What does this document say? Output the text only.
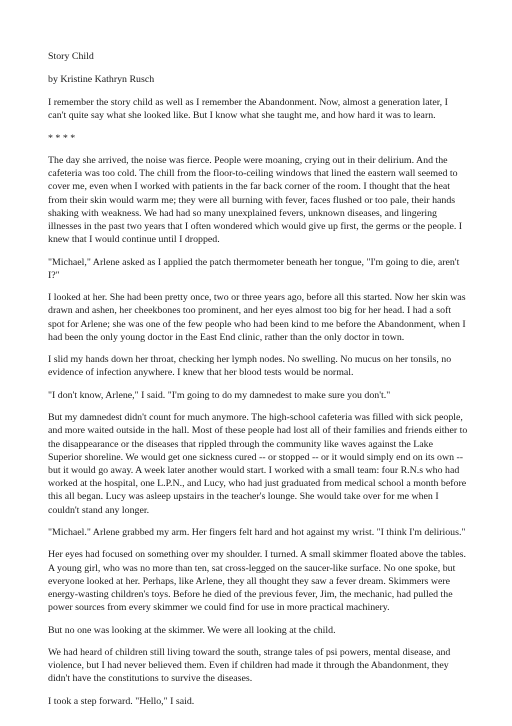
Story Child

by Kristine Kathryn Rusch

I remember the story child as well as I remember the Abandonment. Now, almost a generation later, I can't quite say what she looked like. But I know what she taught me, and how hard it was to learn.

* * * *

The day she arrived, the noise was fierce. People were moaning, crying out in their delirium. And the cafeteria was too cold. The chill from the floor-to-ceiling windows that lined the eastern wall seemed to cover me, even when I worked with patients in the far back corner of the room. I thought that the heat from their skin would warm me; they were all burning with fever, faces flushed or too pale, their hands shaking with weakness. We had had so many unexplained fevers, unknown diseases, and lingering illnesses in the past two years that I often wondered which would give up first, the germs or the people. I knew that I would continue until I dropped.

"Michael," Arlene asked as I applied the patch thermometer beneath her tongue, "I'm going to die, aren't I?"

I looked at her. She had been pretty once, two or three years ago, before all this started. Now her skin was drawn and ashen, her cheekbones too prominent, and her eyes almost too big for her head. I had a soft spot for Arlene; she was one of the few people who had been kind to me before the Abandonment, when I had been the only young doctor in the East End clinic, rather than the only doctor in town.

I slid my hands down her throat, checking her lymph nodes. No swelling. No mucus on her tonsils, no evidence of infection anywhere. I knew that her blood tests would be normal.

"I don't know, Arlene," I said. "I'm going to do my damnedest to make sure you don't."

But my damnedest didn't count for much anymore. The high-school cafeteria was filled with sick people, and more waited outside in the hall. Most of these people had lost all of their families and friends either to the disappearance or the diseases that rippled through the community like waves against the Lake Superior shoreline. We would get one sickness cured -- or stopped -- or it would simply end on its own -- but it would go away. A week later another would start. I worked with a small team: four R.N.s who had worked at the hospital, one L.P.N., and Lucy, who had just graduated from medical school a month before this all began. Lucy was asleep upstairs in the teacher's lounge. She would take over for me when I couldn't stand any longer.

"Michael." Arlene grabbed my arm. Her fingers felt hard and hot against my wrist. "I think I'm delirious."

Her eyes had focused on something over my shoulder. I turned. A small skimmer floated above the tables. A young girl, who was no more than ten, sat cross-legged on the saucer-like surface. No one spoke, but everyone looked at her. Perhaps, like Arlene, they all thought they saw a fever dream. Skimmers were energy-wasting children's toys. Before he died of the previous fever, Jim, the mechanic, had pulled the power sources from every skimmer we could find for use in more practical machinery.

But no one was looking at the skimmer. We were all looking at the child.

We had heard of children still living toward the south, strange tales of psi powers, mental disease, and violence, but I had never believed them. Even if children had made it through the Abandonment, they didn't have the constitutions to survive the diseases.

I took a step forward. "Hello," I said.
